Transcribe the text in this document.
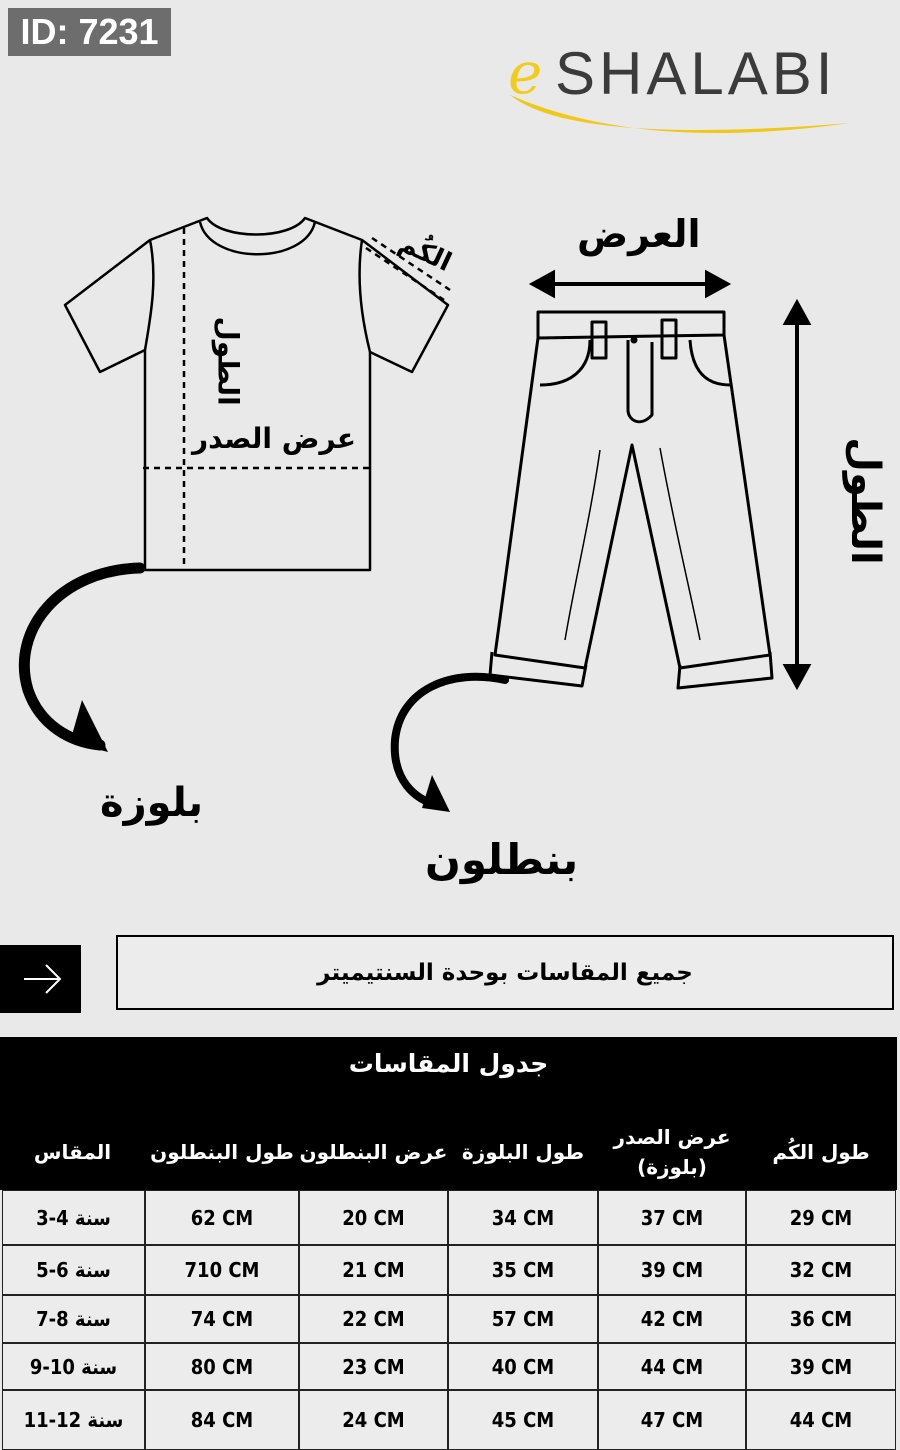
ID: 7231
e SHALABI
الكُم
الطول
عرض الصدر
العرض
الطول
بلوزة
بنطلون
جميع المقاسات بوحدة السنتيميتر
جدول المقاسات
طول الكُم
عرض الصدر (بلوزة)
طول البلوزة
عرض البنطلون
طول البنطلون
المقاس
29 CM
37 CM
34 CM
20 CM
62 CM
سنة 4-3
32 CM
39 CM
35 CM
21 CM
710 CM
سنة 6-5
36 CM
42 CM
57 CM
22 CM
74 CM
سنة 8-7
39 CM
44 CM
40 CM
23 CM
80 CM
سنة 10-9
44 CM
47 CM
45 CM
24 CM
84 CM
سنة 12-11
